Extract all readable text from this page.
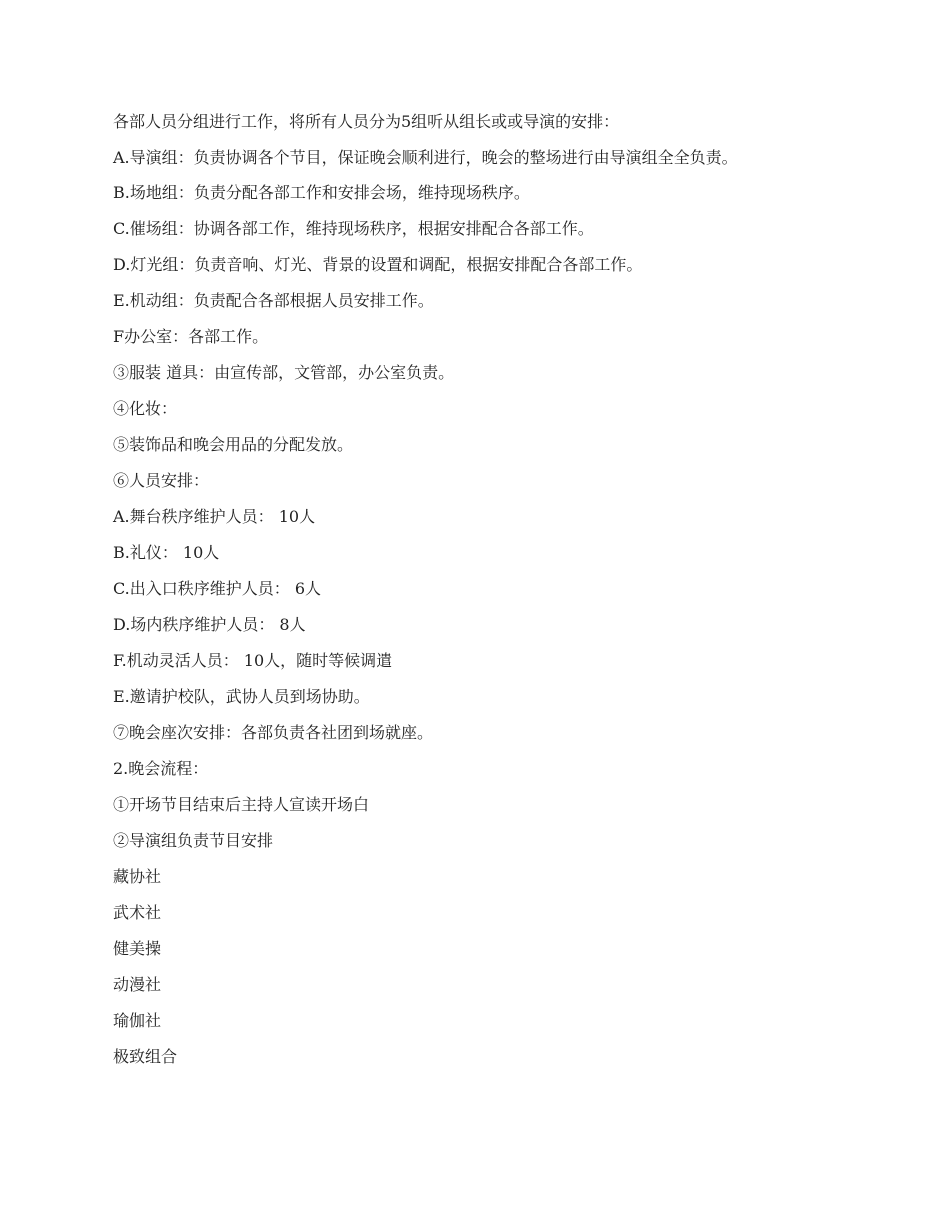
各部人员分组进行工作，将所有人员分为5组听从组长或或导演的安排：

A.导演组：负责协调各个节目，保证晚会顺利进行，晚会的整场进行由导演组全全负责。

B.场地组：负责分配各部工作和安排会场，维持现场秩序。

C.催场组：协调各部工作，维持现场秩序，根据安排配合各部工作。

D.灯光组：负责音响、灯光、背景的设置和调配，根据安排配合各部工作。

E.机动组：负责配合各部根据人员安排工作。

F办公室：各部工作。

③服装 道具：由宣传部，文管部，办公室负责。

④化妆：

⑤装饰品和晚会用品的分配发放。

⑥人员安排：

A.舞台秩序维护人员： 10人

B.礼仪： 10人

C.出入口秩序维护人员： 6人

D.场内秩序维护人员： 8人

F.机动灵活人员： 10人，随时等候调遣

E.邀请护校队，武协人员到场协助。

⑦晚会座次安排：各部负责各社团到场就座。

2.晚会流程：

①开场节目结束后主持人宣读开场白

②导演组负责节目安排

藏协社

武术社

健美操

动漫社

瑜伽社

极致组合
